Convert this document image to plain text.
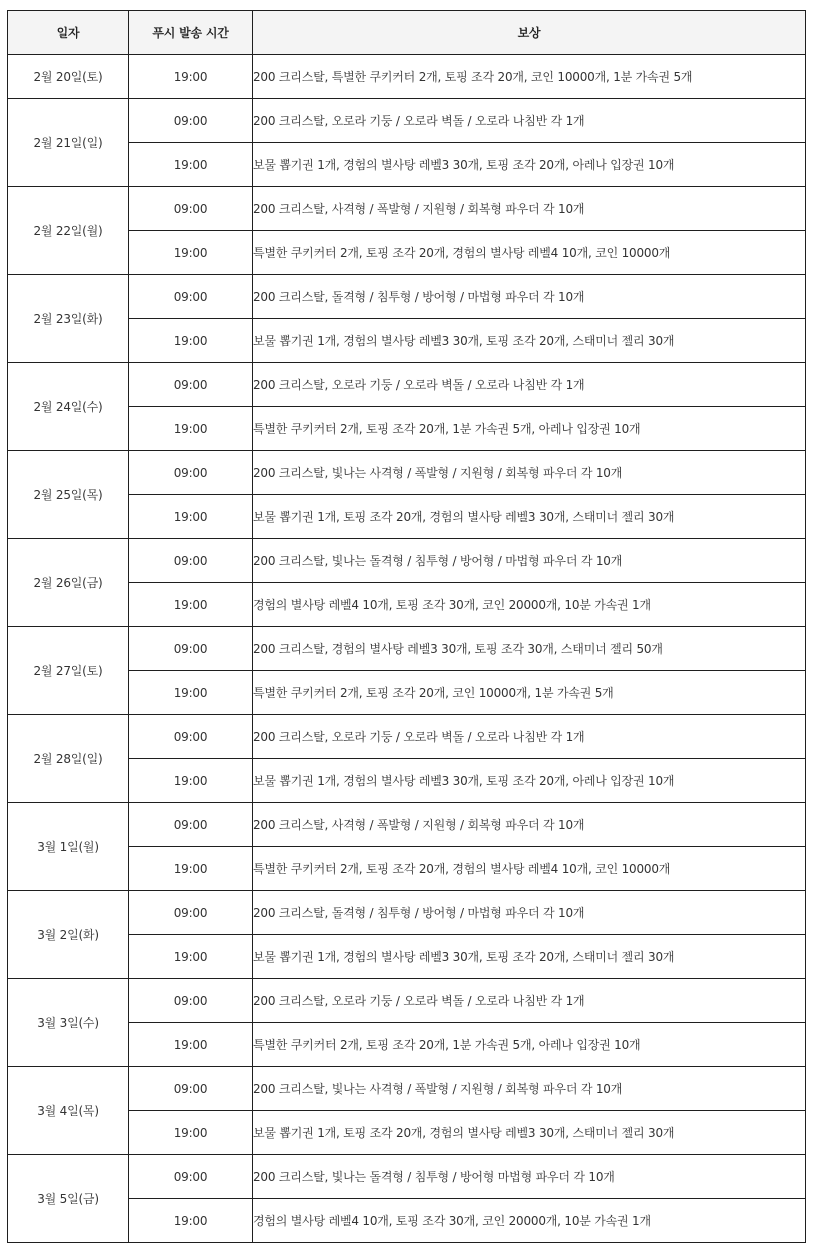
일자	푸시 발송 시간	보상
2월 20일(토)	19:00	200 크리스탈, 특별한 쿠키커터 2개, 토핑 조각 20개, 코인 10000개, 1분 가속권 5개
2월 21일(일)	09:00	200 크리스탈, 오로라 기둥 / 오로라 벽돌 / 오로라 나침반 각 1개
	19:00	보물 뽑기권 1개, 경험의 별사탕 레벨3 30개, 토핑 조각 20개, 아레나 입장권 10개
2월 22일(월)	09:00	200 크리스탈, 사격형 / 폭발형 / 지원형 / 회복형 파우더 각 10개
	19:00	특별한 쿠키커터 2개, 토핑 조각 20개, 경험의 별사탕 레벨4 10개, 코인 10000개
2월 23일(화)	09:00	200 크리스탈, 돌격형 / 침투형 / 방어형 / 마법형 파우더 각 10개
	19:00	보물 뽑기권 1개, 경험의 별사탕 레벨3 30개, 토핑 조각 20개, 스태미너 젤리 30개
2월 24일(수)	09:00	200 크리스탈, 오로라 기둥 / 오로라 벽돌 / 오로라 나침반 각 1개
	19:00	특별한 쿠키커터 2개, 토핑 조각 20개, 1분 가속권 5개, 아레나 입장권 10개
2월 25일(목)	09:00	200 크리스탈, 빛나는 사격형 / 폭발형 / 지원형 / 회복형 파우더 각 10개
	19:00	보물 뽑기권 1개, 토핑 조각 20개, 경험의 별사탕 레벨3 30개, 스태미너 젤리 30개
2월 26일(금)	09:00	200 크리스탈, 빛나는 돌격형 / 침투형 / 방어형 / 마법형 파우더 각 10개
	19:00	경험의 별사탕 레벨4 10개, 토핑 조각 30개, 코인 20000개, 10분 가속권 1개
2월 27일(토)	09:00	200 크리스탈, 경험의 별사탕 레벨3 30개, 토핑 조각 30개, 스태미너 젤리 50개
	19:00	특별한 쿠키커터 2개, 토핑 조각 20개, 코인 10000개, 1분 가속권 5개
2월 28일(일)	09:00	200 크리스탈, 오로라 기둥 / 오로라 벽돌 / 오로라 나침반 각 1개
	19:00	보물 뽑기권 1개, 경험의 별사탕 레벨3 30개, 토핑 조각 20개, 아레나 입장권 10개
3월 1일(월)	09:00	200 크리스탈, 사격형 / 폭발형 / 지원형 / 회복형 파우더 각 10개
	19:00	특별한 쿠키커터 2개, 토핑 조각 20개, 경험의 별사탕 레벨4 10개, 코인 10000개
3월 2일(화)	09:00	200 크리스탈, 돌격형 / 침투형 / 방어형 / 마법형 파우더 각 10개
	19:00	보물 뽑기권 1개, 경험의 별사탕 레벨3 30개, 토핑 조각 20개, 스태미너 젤리 30개
3월 3일(수)	09:00	200 크리스탈, 오로라 기둥 / 오로라 벽돌 / 오로라 나침반 각 1개
	19:00	특별한 쿠키커터 2개, 토핑 조각 20개, 1분 가속권 5개, 아레나 입장권 10개
3월 4일(목)	09:00	200 크리스탈, 빛나는 사격형 / 폭발형 / 지원형 / 회복형 파우더 각 10개
	19:00	보물 뽑기권 1개, 토핑 조각 20개, 경험의 별사탕 레벨3 30개, 스태미너 젤리 30개
3월 5일(금)	09:00	200 크리스탈, 빛나는 돌격형 / 침투형 / 방어형 마법형 파우더 각 10개
	19:00	경험의 별사탕 레벨4 10개, 토핑 조각 30개, 코인 20000개, 10분 가속권 1개
